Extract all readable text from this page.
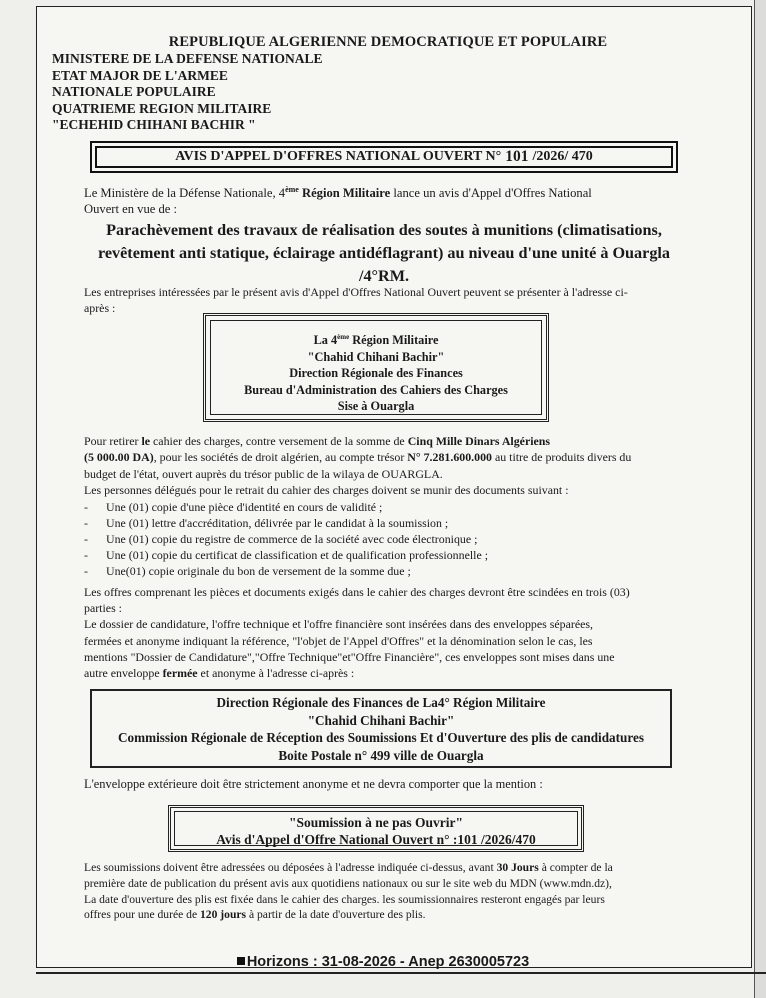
REPUBLIQUE ALGERIENNE DEMOCRATIQUE ET POPULAIRE
MINISTERE DE LA DEFENSE NATIONALE
ETAT MAJOR DE L'ARMEE
NATIONALE POPULAIRE
QUATRIEME REGION MILITAIRE
"ECHEHID CHIHANI BACHIR "
AVIS D'APPEL D'OFFRES NATIONAL OUVERT N° 101 /2026/ 470
Le Ministère de la Défense Nationale, 4ème Région Militaire lance un avis d'Appel d'Offres National
Ouvert en vue de :
Parachèvement des travaux de réalisation des soutes à munitions (climatisations,
revêtement anti statique, éclairage antidéflagrant) au niveau d'une unité à Ouargla
/4°RM.
Les entreprises intéressées par le présent avis d'Appel d'Offres National Ouvert peuvent se présenter à l'adresse ci-
après :
La 4ème Région Militaire
"Chahid Chihani Bachir"
Direction Régionale des Finances
Bureau d'Administration des Cahiers des Charges
Sise à Ouargla
Pour retirer le cahier des charges, contre versement de la somme de Cinq Mille Dinars Algériens
(5 000.00 DA), pour les sociétés de droit algérien, au compte trésor N° 7.281.600.000 au titre de produits divers du
budget de l'état, ouvert auprès du trésor public de la wilaya de OUARGLA.
Les personnes délégués pour le retrait du cahier des charges doivent se munir des documents suivant :
- Une (01) copie d'une pièce d'identité en cours de validité ;
- Une (01) lettre d'accréditation, délivrée par le candidat à la soumission ;
- Une (01) copie du registre de commerce de la société avec code électronique ;
- Une (01) copie du certificat de classification et de qualification professionnelle ;
- Une(01) copie originale du bon de versement de la somme due ;
Les offres comprenant les pièces et documents exigés dans le cahier des charges devront être scindées en trois (03)
parties :
Le dossier de candidature, l'offre technique et l'offre financière sont insérées dans des enveloppes séparées,
fermées et anonyme indiquant la référence, "l'objet de l'Appel d'Offres" et la dénomination selon le cas, les
mentions "Dossier de Candidature","Offre Technique"et"Offre Financière", ces enveloppes sont mises dans une
autre enveloppe fermée et anonyme à l'adresse ci-après :
Direction Régionale des Finances de La4° Région Militaire
"Chahid Chihani Bachir"
Commission Régionale de Réception des Soumissions Et d'Ouverture des plis de candidatures
Boite Postale n° 499 ville de Ouargla
L'enveloppe extérieure doit être strictement anonyme et ne devra comporter que la mention :
"Soumission à ne pas Ouvrir"
Avis d'Appel d'Offre National Ouvert n° :101 /2026/470
Les soumissions doivent être adressées ou déposées à l'adresse indiquée ci-dessus, avant 30 Jours à compter de la
première date de publication du présent avis aux quotidiens nationaux ou sur le site web du MDN (www.mdn.dz),
La date d'ouverture des plis est fixée dans le cahier des charges. les soumissionnaires resteront engagés par leurs
offres pour une durée de 120 jours à partir de la date d'ouverture des plis.
Horizons : 31-08-2026 - Anep 2630005723
